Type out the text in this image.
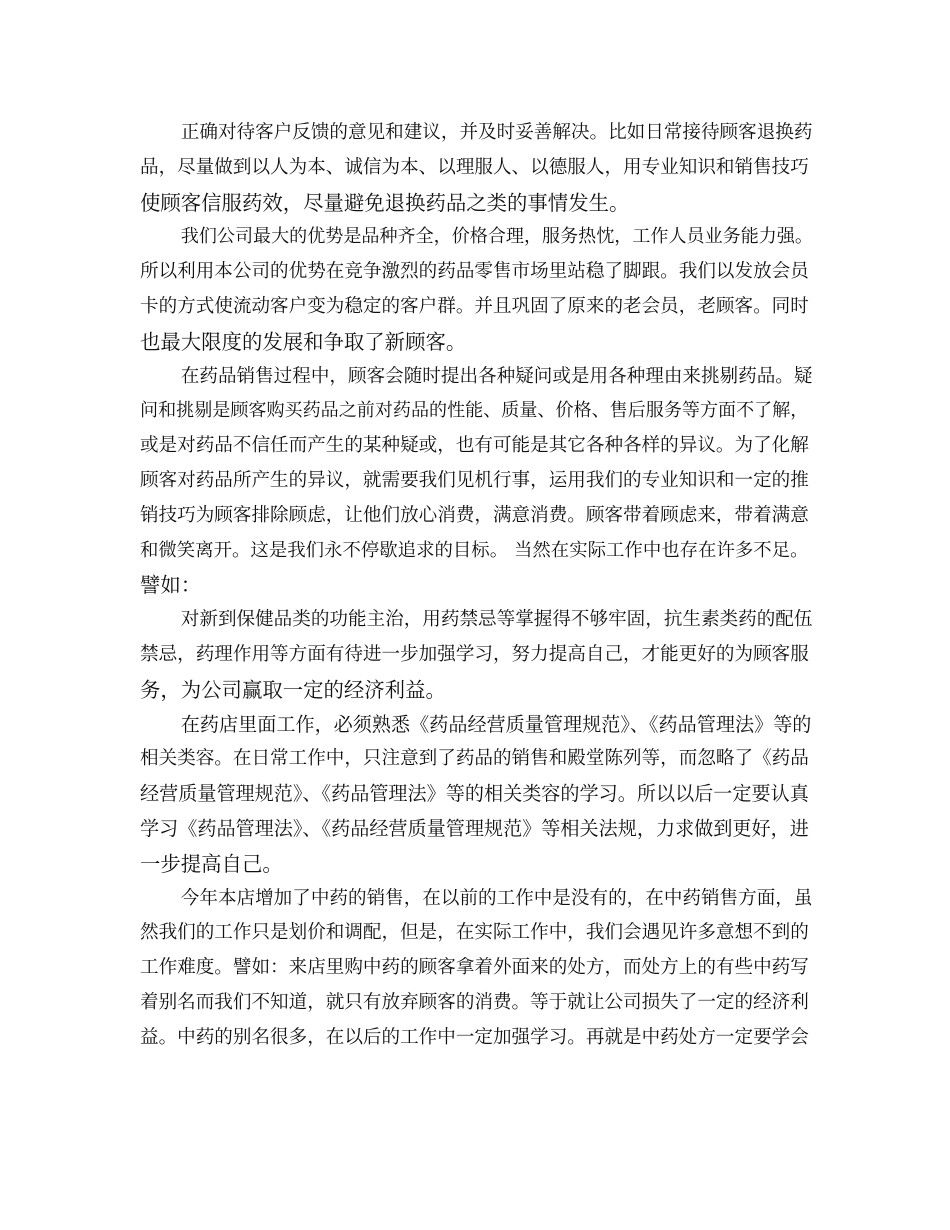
正确对待客户反馈的意见和建议，并及时妥善解决。比如日常接待顾客退换药
品，尽量做到以人为本、诚信为本、以理服人、以德服人，用专业知识和销售技巧
使顾客信服药效，尽量避免退换药品之类的事情发生。

我们公司最大的优势是品种齐全，价格合理，服务热忱，工作人员业务能力强。
所以利用本公司的优势在竞争激烈的药品零售市场里站稳了脚跟。我们以发放会员
卡的方式使流动客户变为稳定的客户群。并且巩固了原来的老会员，老顾客。同时
也最大限度的发展和争取了新顾客。

在药品销售过程中，顾客会随时提出各种疑问或是用各种理由来挑剔药品。疑
问和挑剔是顾客购买药品之前对药品的性能、质量、价格、售后服务等方面不了解，
或是对药品不信任而产生的某种疑或，也有可能是其它各种各样的异议。为了化解
顾客对药品所产生的异议，就需要我们见机行事，运用我们的专业知识和一定的推
销技巧为顾客排除顾虑，让他们放心消费，满意消费。顾客带着顾虑来，带着满意
和微笑离开。这是我们永不停歇追求的目标。 当然在实际工作中也存在许多不足。
譬如：

对新到保健品类的功能主治，用药禁忌等掌握得不够牢固，抗生素类药的配伍
禁忌，药理作用等方面有待进一步加强学习，努力提高自己，才能更好的为顾客服
务，为公司赢取一定的经济利益。

在药店里面工作，必须熟悉《药品经营质量管理规范》、《药品管理法》等的
相关类容。在日常工作中，只注意到了药品的销售和殿堂陈列等，而忽略了《药品
经营质量管理规范》、《药品管理法》等的相关类容的学习。所以以后一定要认真
学习《药品管理法》、《药品经营质量管理规范》等相关法规，力求做到更好，进
一步提高自己。

今年本店增加了中药的销售，在以前的工作中是没有的，在中药销售方面，虽
然我们的工作只是划价和调配，但是，在实际工作中，我们会遇见许多意想不到的
工作难度。譬如：来店里购中药的顾客拿着外面来的处方，而处方上的有些中药写
着别名而我们不知道，就只有放弃顾客的消费。等于就让公司损失了一定的经济利
益。中药的别名很多，在以后的工作中一定加强学习。再就是中药处方一定要学会
